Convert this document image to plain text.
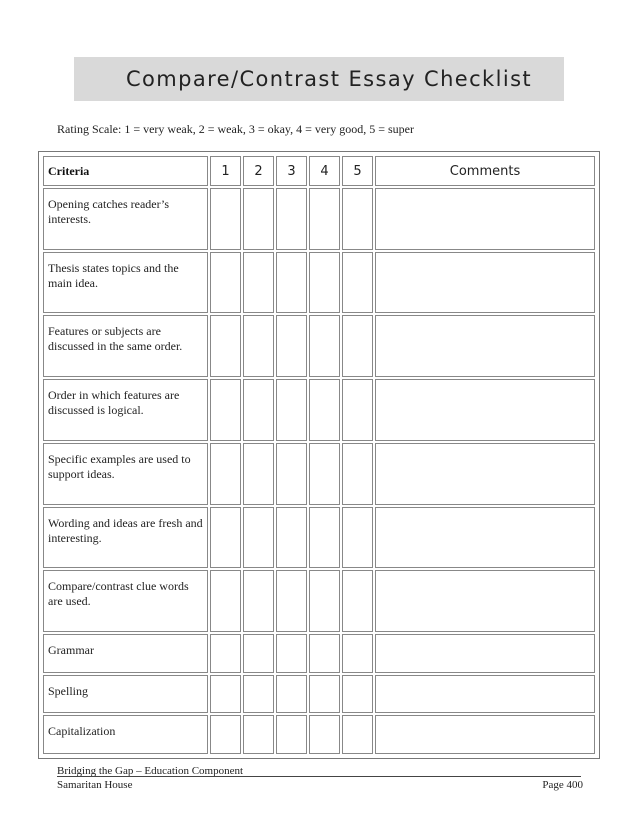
Compare/Contrast Essay Checklist
Rating Scale: 1 = very weak, 2 = weak, 3 = okay, 4 = very good, 5 = super
Criteria	1	2	3	4	5	Comments
Opening catches reader’s interests.						
Thesis states topics and the main idea.						
Features or subjects are discussed in the same order.						
Order in which features are discussed is logical.						
Specific examples are used to support ideas.						
Wording and ideas are fresh and interesting.						
Compare/contrast clue words are used.						
Grammar						
Spelling						
Capitalization						
Bridging the Gap – Education Component
Samaritan House	Page 400
